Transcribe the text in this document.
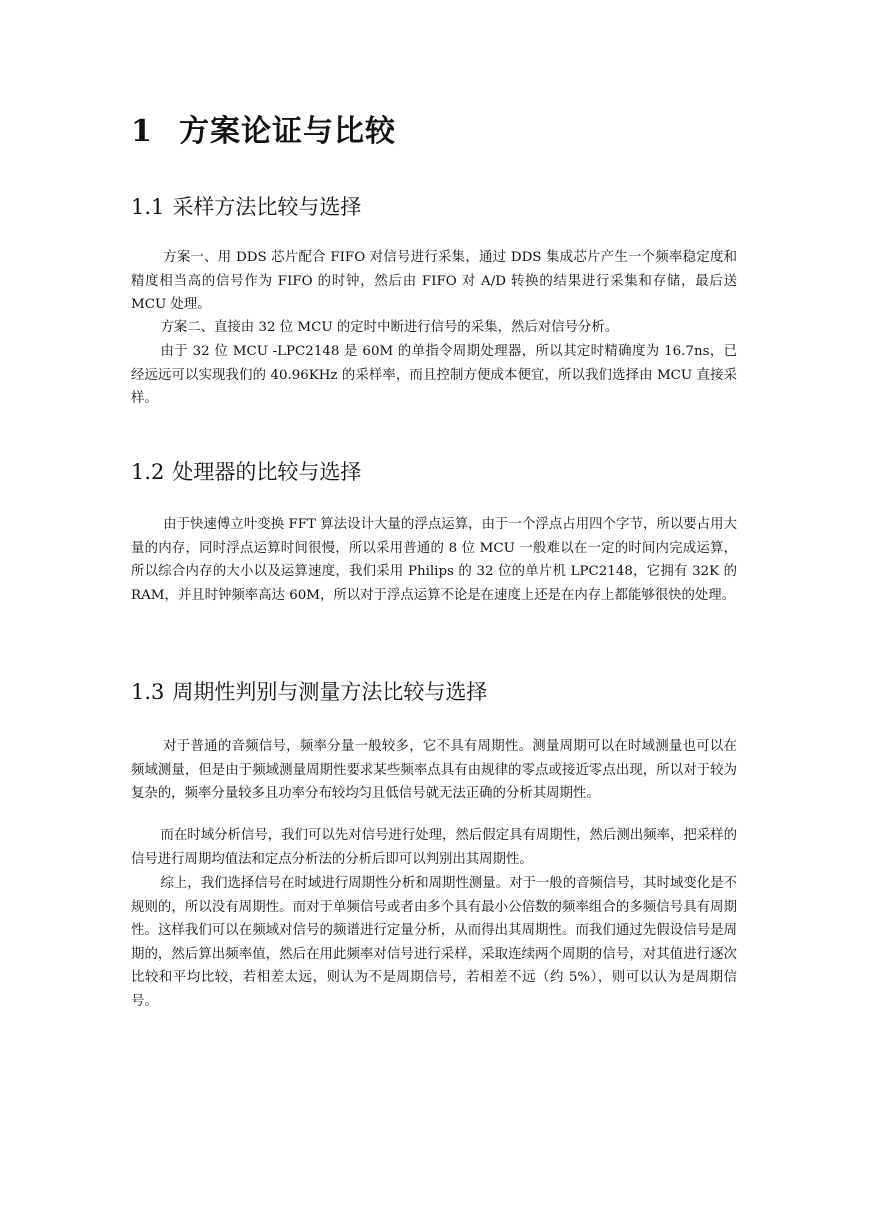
1 方案论证与比较
1.1 采样方法比较与选择

方案一、用 DDS 芯片配合 FIFO 对信号进行采集，通过 DDS 集成芯片产生一个频率稳定度和精度相当高的信号作为 FIFO 的时钟，然后由 FIFO 对 A/D 转换的结果进行采集和存储，最后送 MCU 处理。

方案二、直接由 32 位 MCU 的定时中断进行信号的采集，然后对信号分析。

由于 32 位 MCU -LPC2148 是 60M 的单指令周期处理器，所以其定时精确度为 16.7ns，已经远远可以实现我们的 40.96KHz 的采样率，而且控制方便成本便宜，所以我们选择由 MCU 直接采样。

1.2 处理器的比较与选择

由于快速傅立叶变换 FFT 算法设计大量的浮点运算，由于一个浮点占用四个字节，所以要占用大量的内存，同时浮点运算时间很慢，所以采用普通的 8 位 MCU 一般难以在一定的时间内完成运算，所以综合内存的大小以及运算速度，我们采用 Philips 的 32 位的单片机 LPC2148，它拥有 32K 的 RAM，并且时钟频率高达 60M，所以对于浮点运算不论是在速度上还是在内存上都能够很快的处理。

1.3 周期性判别与测量方法比较与选择

对于普通的音频信号，频率分量一般较多，它不具有周期性。测量周期可以在时域测量也可以在频域测量，但是由于频域测量周期性要求某些频率点具有由规律的零点或接近零点出现，所以对于较为复杂的，频率分量较多且功率分布较均匀且低信号就无法正确的分析其周期性。

而在时域分析信号，我们可以先对信号进行处理，然后假定具有周期性，然后测出频率，把采样的信号进行周期均值法和定点分析法的分析后即可以判别出其周期性。

综上，我们选择信号在时域进行周期性分析和周期性测量。对于一般的音频信号，其时域变化是不规则的，所以没有周期性。而对于单频信号或者由多个具有最小公倍数的频率组合的多频信号具有周期性。这样我们可以在频域对信号的频谱进行定量分析，从而得出其周期性。而我们通过先假设信号是周期的，然后算出频率值，然后在用此频率对信号进行采样，采取连续两个周期的信号，对其值进行逐次比较和平均比较，若相差太远，则认为不是周期信号，若相差不远（约 5%），则可以认为是周期信号。
